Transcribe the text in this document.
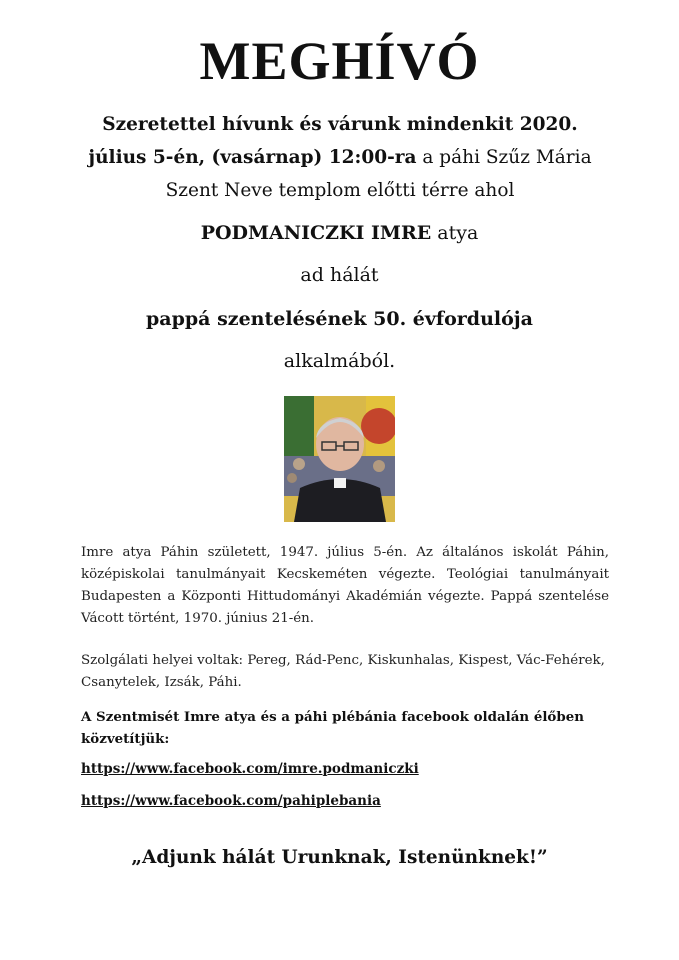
MEGHÍVÓ
Szeretettel hívunk és várunk mindenkit 2020.
július 5-én, (vasárnap) 12:00-ra a páhi Szűz Mária
Szent Neve templom előtti térre ahol
PODMANICZKI IMRE atya
ad hálát
pappá szentelésének 50. évfordulója
alkalmából.

Imre atya Páhin született, 1947. július 5-én. Az általános iskolát Páhin, középiskolai tanulmányait Kecskeméten végezte. Teológiai tanulmányait Budapesten a Központi Hittudományi Akadémián végezte. Pappá szentelése Vácott történt, 1970. június 21-én.

Szolgálati helyei voltak: Pereg, Rád-Penc, Kiskunhalas, Kispest, Vác-Fehérek, Csanytelek, Izsák, Páhi.

A Szentmisét Imre atya és a páhi plébánia facebook oldalán élőben közvetítjük:

https://www.facebook.com/imre.podmaniczki
https://www.facebook.com/pahiplebania
„Adjunk hálát Urunknak, Istenünknek!”
